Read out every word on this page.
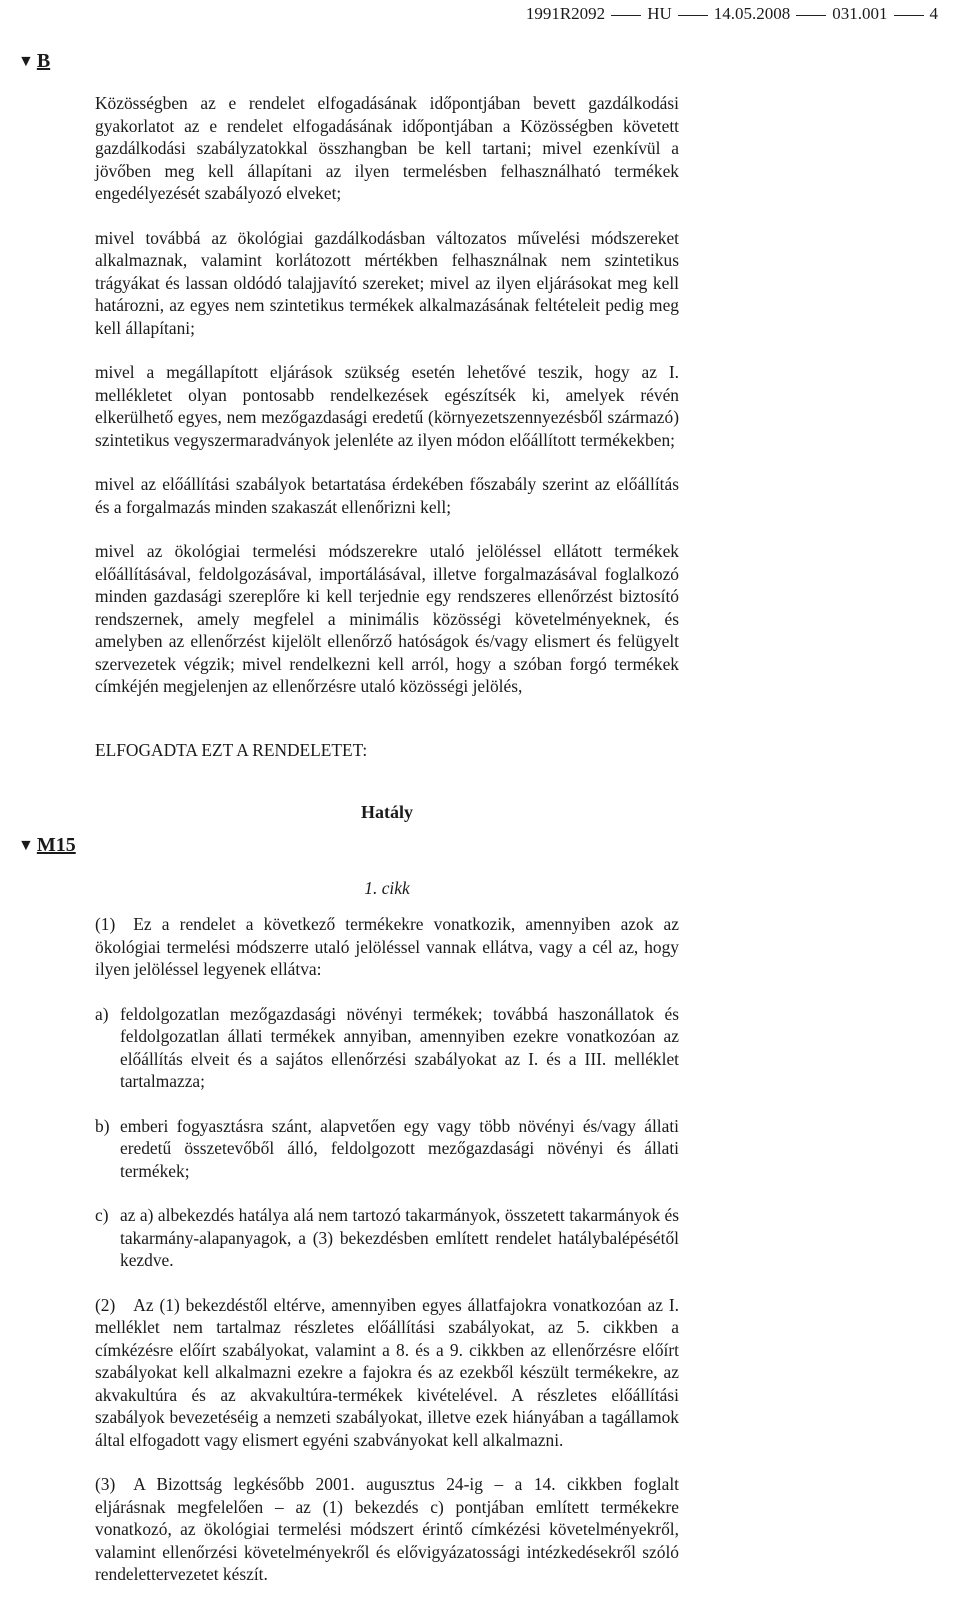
1991R2092 HU 14.05.2008 031.001 4
▼ B
▼ M15

Közösségben az e rendelet elfogadásának időpontjában bevett gazdálkodási gyakorlatot az e rendelet elfogadásának időpontjában a Közösségben követett gazdálkodási szabályzatokkal összhangban be kell tartani; mivel ezenkívül a jövőben meg kell állapítani az ilyen termelésben felhasználható termékek engedélyezését szabályozó elveket;

mivel továbbá az ökológiai gazdálkodásban változatos művelési módszereket alkalmaznak, valamint korlátozott mértékben felhasználnak nem szintetikus trágyákat és lassan oldódó talajjavító szereket; mivel az ilyen eljárásokat meg kell határozni, az egyes nem szintetikus termékek alkalmazásának feltételeit pedig meg kell állapítani;

mivel a megállapított eljárások szükség esetén lehetővé teszik, hogy az I. mellékletet olyan pontosabb rendelkezések egészítsék ki, amelyek révén elkerülhető egyes, nem mezőgazdasági eredetű (környezetszennyezésből származó) szintetikus vegyszermaradványok jelenléte az ilyen módon előállított termékekben;

mivel az előállítási szabályok betartatása érdekében főszabály szerint az előállítás és a forgalmazás minden szakaszát ellenőrizni kell;

mivel az ökológiai termelési módszerekre utaló jelöléssel ellátott termékek előállításával, feldolgozásával, importálásával, illetve forgalmazásával foglalkozó minden gazdasági szereplőre ki kell terjednie egy rendszeres ellenőrzést biztosító rendszernek, amely megfelel a minimális közösségi követelményeknek, és amelyben az ellenőrzést kijelölt ellenőrző hatóságok és/vagy elismert és felügyelt szervezetek végzik; mivel rendelkezni kell arról, hogy a szóban forgó termékek címkéjén megjelenjen az ellenőrzésre utaló közösségi jelölés,

ELFOGADTA EZT A RENDELETET:

Hatály

1. cikk

(1) Ez a rendelet a következő termékekre vonatkozik, amennyiben azok az ökológiai termelési módszerre utaló jelöléssel vannak ellátva, vagy a cél az, hogy ilyen jelöléssel legyenek ellátva:

a) feldolgozatlan mezőgazdasági növényi termékek; továbbá haszonállatok és feldolgozatlan állati termékek annyiban, amennyiben ezekre vonatkozóan az előállítás elveit és a sajátos ellenőrzési szabályokat az I. és a III. melléklet tartalmazza;
b) emberi fogyasztásra szánt, alapvetően egy vagy több növényi és/vagy állati eredetű összetevőből álló, feldolgozott mezőgazdasági növényi és állati termékek;
c) az a) albekezdés hatálya alá nem tartozó takarmányok, összetett takarmányok és takarmány-alapanyagok, a (3) bekezdésben említett rendelet hatálybalépésétől kezdve.

(2) Az (1) bekezdéstől eltérve, amennyiben egyes állatfajokra vonatkozóan az I. melléklet nem tartalmaz részletes előállítási szabályokat, az 5. cikkben a címkézésre előírt szabályokat, valamint a 8. és a 9. cikkben az ellenőrzésre előírt szabályokat kell alkalmazni ezekre a fajokra és az ezekből készült termékekre, az akvakultúra és az akvakultúra-termékek kivételével. A részletes előállítási szabályok bevezetéséig a nemzeti szabályokat, illetve ezek hiányában a tagállamok által elfogadott vagy elismert egyéni szabványokat kell alkalmazni.

(3) A Bizottság legkésőbb 2001. augusztus 24-ig – a 14. cikkben foglalt eljárásnak megfelelően – az (1) bekezdés c) pontjában említett termékekre vonatkozó, az ökológiai termelési módszert érintő címkézési követelményekről, valamint ellenőrzési követelményekről és elővigyázatossági intézkedésekről szóló rendelettervezetet készít.
